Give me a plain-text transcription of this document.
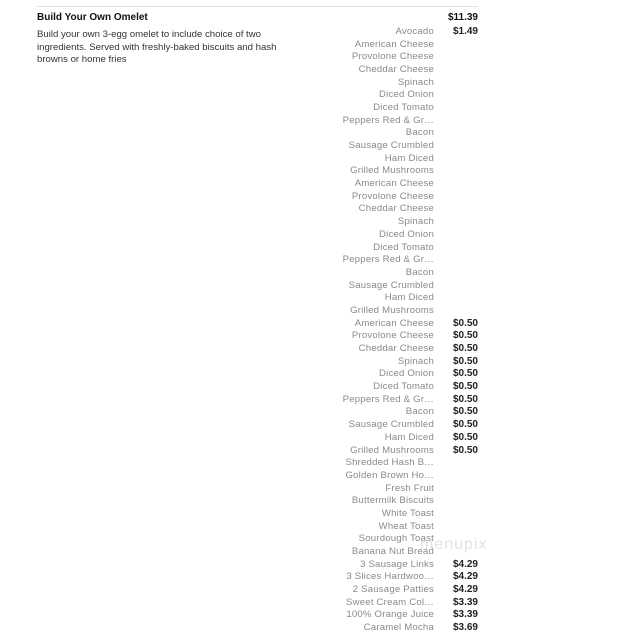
Build Your Own Omelet	$11.39
Build your own 3-egg omelet to include choice of two ingredients. Served with freshly-baked biscuits and hash browns or home fries
Avocado	$1.49
American Cheese
Provolone Cheese
Cheddar Cheese
Spinach
Diced Onion
Diced Tomato
Peppers Red & Gr…
Bacon
Sausage Crumbled
Ham Diced
Grilled Mushrooms
American Cheese
Provolone Cheese
Cheddar Cheese
Spinach
Diced Onion
Diced Tomato
Peppers Red & Gr…
Bacon
Sausage Crumbled
Ham Diced
Grilled Mushrooms
American Cheese	$0.50
Provolone Cheese	$0.50
Cheddar Cheese	$0.50
Spinach	$0.50
Diced Onion	$0.50
Diced Tomato	$0.50
Peppers Red & Gr…	$0.50
Bacon	$0.50
Sausage Crumbled	$0.50
Ham Diced	$0.50
Grilled Mushrooms	$0.50
Shredded Hash B…
Golden Brown Ho…
Fresh Fruit
Buttermilk Biscuits
White Toast
Wheat Toast
Sourdough Toast
Banana Nut Bread
3 Sausage Links	$4.29
3 Slices Hardwoo…	$4.29
2 Sausage Patties	$4.29
Sweet Cream Col…	$3.39
100% Orange Juice	$3.39
Caramel Mocha	$3.69
menupix
